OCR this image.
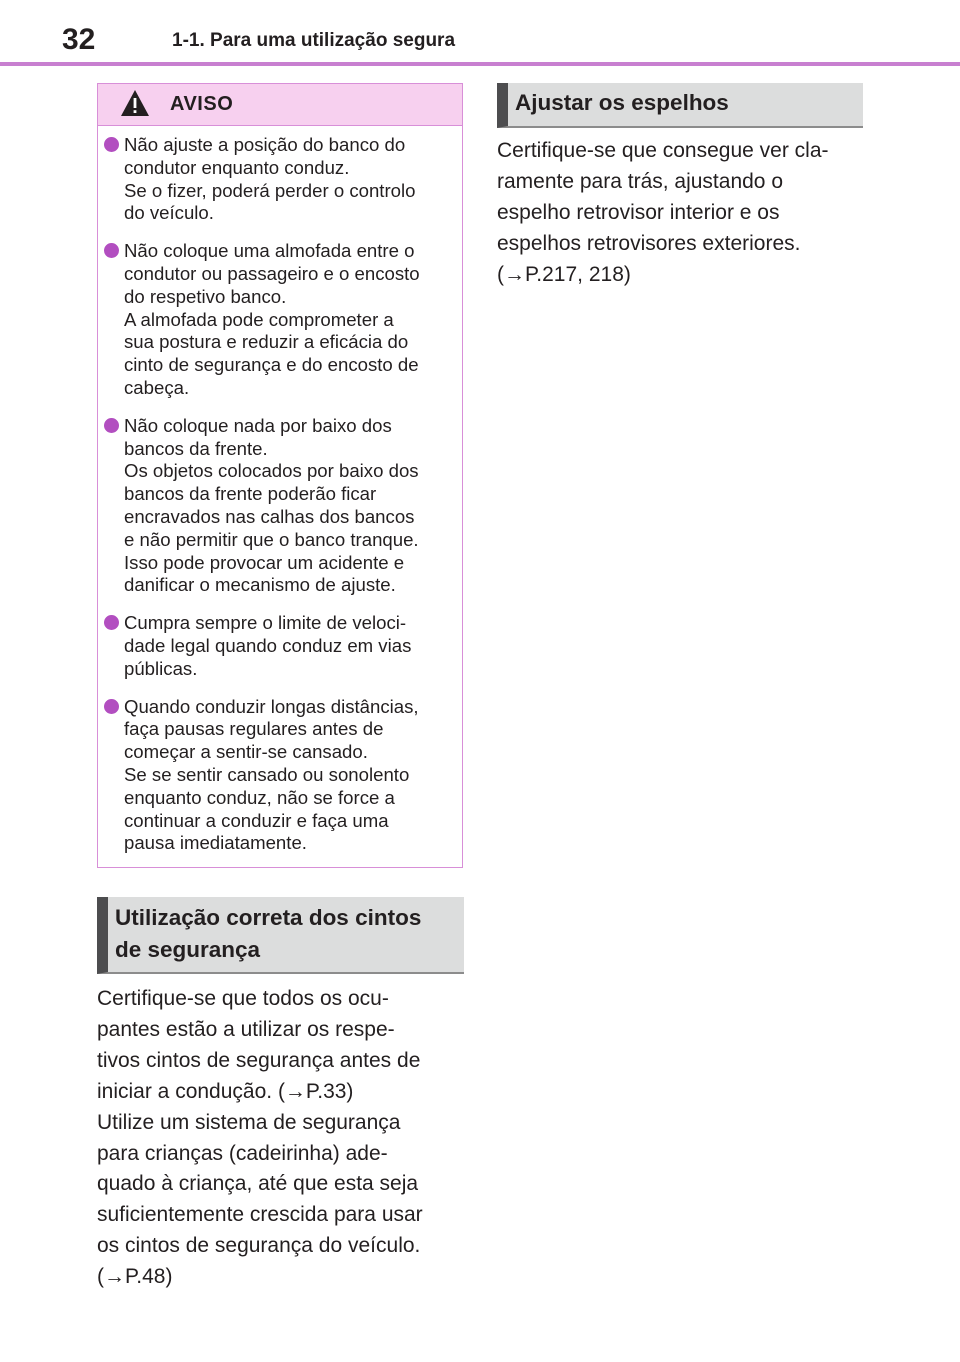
32	1-1. Para uma utilização segura
AVISO
Não ajuste a posição do banco do
condutor enquanto conduz.
Se o fizer, poderá perder o controlo
do veículo.
Não coloque uma almofada entre o
condutor ou passageiro e o encosto
do respetivo banco.
A almofada pode comprometer a
sua postura e reduzir a eficácia do
cinto de segurança e do encosto de
cabeça.
Não coloque nada por baixo dos
bancos da frente.
Os objetos colocados por baixo dos
bancos da frente poderão ficar
encravados nas calhas dos bancos
e não permitir que o banco tranque.
Isso pode provocar um acidente e
danificar o mecanismo de ajuste.
Cumpra sempre o limite de veloci-
dade legal quando conduz em vias
públicas.
Quando conduzir longas distâncias,
faça pausas regulares antes de
começar a sentir-se cansado.
Se se sentir cansado ou sonolento
enquanto conduz, não se force a
continuar a conduzir e faça uma
pausa imediatamente.
Utilização correta dos cintos
de segurança
Certifique-se que todos os ocu-
pantes estão a utilizar os respe-
tivos cintos de segurança antes de
iniciar a condução. (→P.33)
Utilize um sistema de segurança
para crianças (cadeirinha) ade-
quado à criança, até que esta seja
suficientemente crescida para usar
os cintos de segurança do veículo.
(→P.48)
Ajustar os espelhos
Certifique-se que consegue ver cla-
ramente para trás, ajustando o
espelho retrovisor interior e os
espelhos retrovisores exteriores.
(→P.217, 218)
